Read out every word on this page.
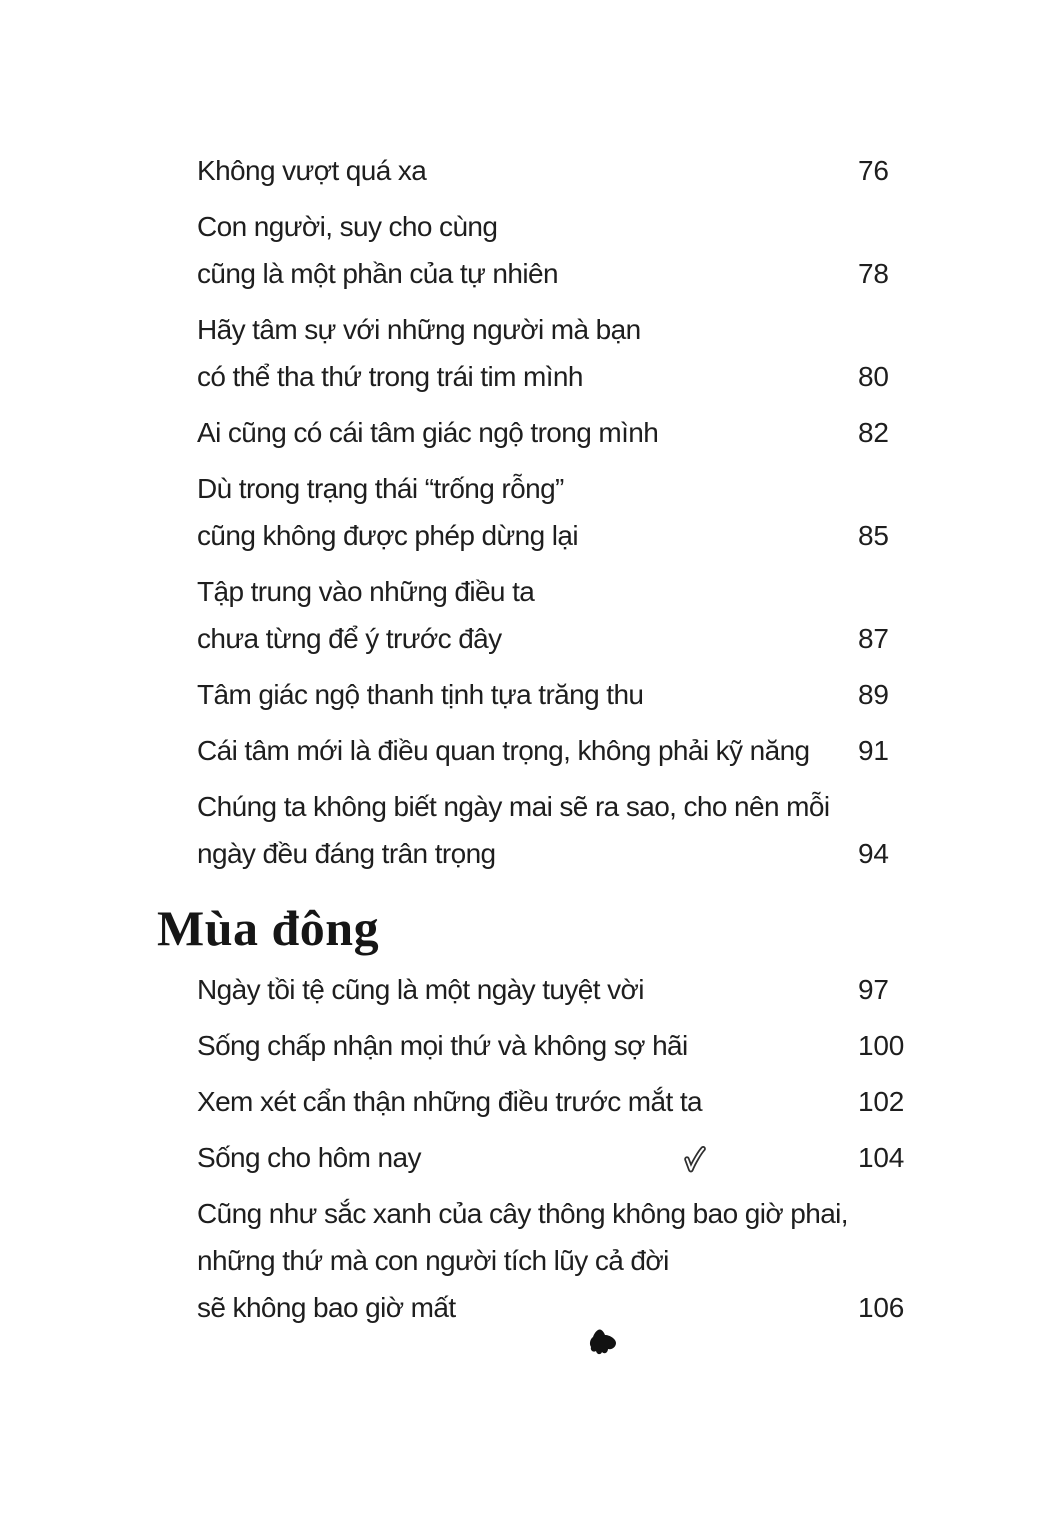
Không vượt quá xa	76
Con người, suy cho cùng
cũng là một phần của tự nhiên	78
Hãy tâm sự với những người mà bạn
có thể tha thứ trong trái tim mình	80
Ai cũng có cái tâm giác ngộ trong mình	82
Dù trong trạng thái “trống rỗng”
cũng không được phép dừng lại	85
Tập trung vào những điều ta
chưa từng để ý trước đây	87
Tâm giác ngộ thanh tịnh tựa trăng thu	89
Cái tâm mới là điều quan trọng, không phải kỹ năng 91
Chúng ta không biết ngày mai sẽ ra sao, cho nên mỗi
ngày đều đáng trân trọng	94
Mùa đông
Ngày tồi tệ cũng là một ngày tuyệt vời	97
Sống chấp nhận mọi thứ và không sợ hãi	100
Xem xét cẩn thận những điều trước mắt ta	102
Sống cho hôm nay	104
Cũng như sắc xanh của cây thông không bao giờ phai,
những thứ mà con người tích lũy cả đời
sẽ không bao giờ mất	106
